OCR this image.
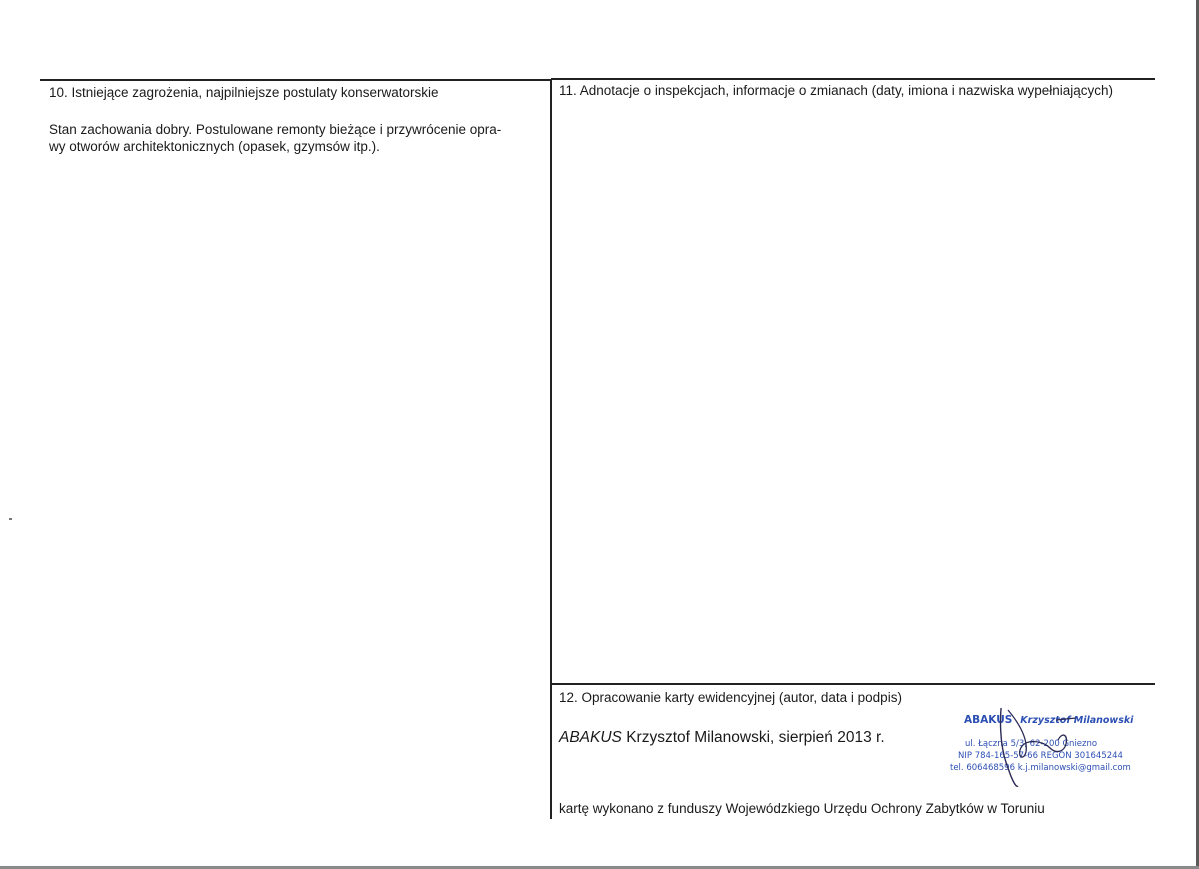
10. Istniejące zagrożenia, najpilniejsze postulaty konserwatorskie
Stan zachowania dobry. Postulowane remonty bieżące i przywrócenie opra-
wy otworów architektonicznych (opasek, gzymsów itp.).
11. Adnotacje o inspekcjach, informacje o zmianach (daty, imiona i nazwiska wypełniających)
12. Opracowanie karty ewidencyjnej (autor, data i podpis)
ABAKUS Krzysztof Milanowski, sierpień 2013 r.
kartę wykonano z funduszy Wojewódzkiego Urzędu Ochrony Zabytków w Toruniu
ABAKUS Krzysztof Milanowski
ul. Łączna 5/3, 62-200 Gniezno
NIP 784-165-57-66 REGON 301645244
tel. 606468596 k.j.milanowski@gmail.com
